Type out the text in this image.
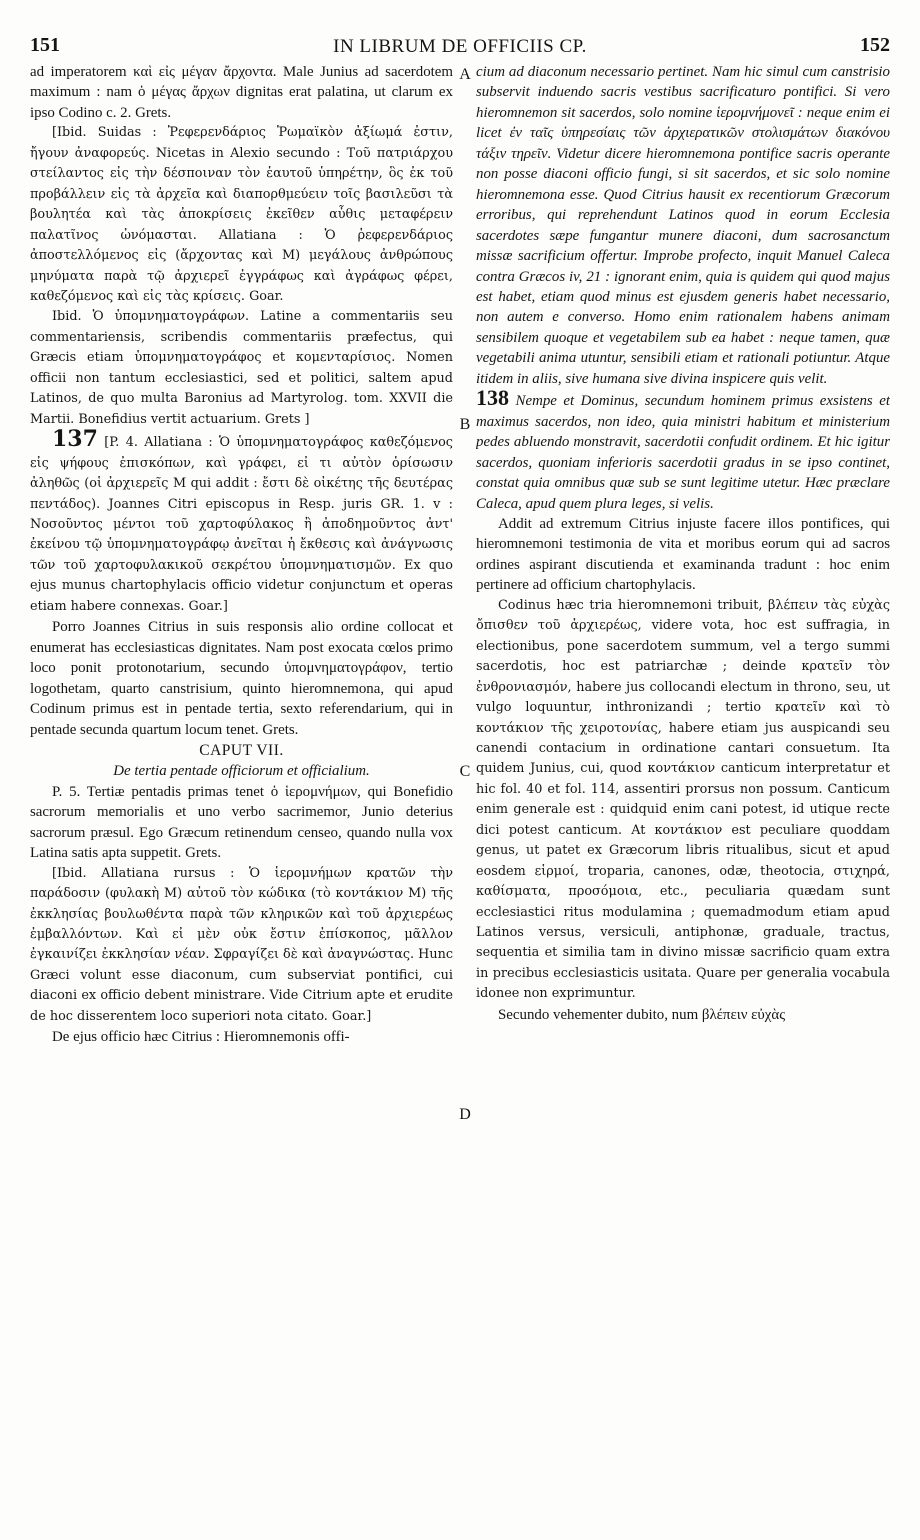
151	IN LIBRUM DE OFFICIIS CP.	152
A
B
C
D

ad imperatorem καὶ εἰς μέγαν ἄρχοντα. Male Junius ad sacerdotem maximum : nam ὁ μέγας ἄρχων dignitas erat palatina, ut clarum ex ipso Codino c. 2. Grets.

[Ibid. Suidas : Ῥεφερενδάριος Ῥωμαϊκὸν ἀξίωμά ἐστιν, ἤγουν ἀναφορεύς. Nicetas in Alexio secundo : Τοῦ πατριάρχου στείλαντος εἰς τὴν δέσποιναν τὸν ἑαυτοῦ ὑπηρέτην, ὃς ἐκ τοῦ προβάλλειν εἰς τὰ ἀρχεῖα καὶ διαπορθμεύειν τοῖς βασιλεῦσι τὰ βουλητέα καὶ τὰς ἀποκρίσεις ἐκεῖθεν αὖθις μεταφέρειν παλατῖνος ὠνόμασται. Allatiana : Ὁ ῥεφερενδάριος ἀποστελλόμενος εἰς (ἄρχοντας καὶ M) μεγάλους ἀνθρώπους μηνύματα παρὰ τῷ ἀρχιερεῖ ἐγγράφως καὶ ἀγράφως φέρει, καθεζόμενος καὶ εἰς τὰς κρίσεις. Goar.

Ibid. Ὁ ὑπομνηματογράφων. Latine a commentariis seu commentariensis, scribendis commentariis præfectus, qui Græcis etiam ὑπομνηματογράφος et κομενταρίσιος. Nomen officii non tantum ecclesiastici, sed et politici, saltem apud Latinos, de quo multa Baronius ad Martyrolog. tom. XXVII die Martii. Bonefidius vertit actuarium. Grets ]

137 [P. 4. Allatiana : Ὁ ὑπομνηματογράφος καθεζόμενος εἰς ψήφους ἐπισκόπων, καὶ γράφει, εἰ τι αὐτὸν ὁρίσωσιν ἀληθῶς (οἱ ἀρχιερεῖς M qui addit : ἔστι δὲ οἰκέτης τῆς δευτέρας πεντάδος). Joannes Citri episcopus in Resp. juris GR. 1. v : Νοσοῦντος μέντοι τοῦ χαρτοφύλακος ἢ ἀποδημοῦντος ἀντ' ἐκείνου τῷ ὑπομνηματογράφῳ ἀνεῖται ἡ ἔκθεσις καὶ ἀνάγνωσις τῶν τοῦ χαρτοφυλακικοῦ σεκρέτου ὑπομνηματισμῶν. Ex quo ejus munus chartophylacis officio videtur conjunctum et operas etiam habere connexas. Goar.]

Porro Joannes Citrius in suis responsis alio ordine collocat et enumerat has ecclesiasticas dignitates. Nam post exocata cœlos primo loco ponit protonotarium, secundo ὑπομνηματογράφον, tertio logothetam, quarto canstrisium, quinto hieromnemona, qui apud Codinum primus est in pentade tertia, sexto referendarium, qui in pentade secunda quartum locum tenet. Grets.

CAPUT VII.

De tertia pentade officiorum et officialium.

P. 5. Tertiæ pentadis primas tenet ὁ ἱερομνήμων, qui Bonefidio sacrorum memorialis et uno verbo sacrimemor, Junio deterius sacrorum præsul. Ego Græcum retinendum censeo, quando nulla vox Latina satis apta suppetit. Grets.

[Ibid. Allatiana rursus : Ὁ ἱερομνήμων κρατῶν τὴν παράδοσιν (φυλακὴ M) αὐτοῦ τὸν κώδικα (τὸ κοντάκιον M) τῆς ἐκκλησίας βουλωθέντα παρὰ τῶν κληρικῶν καὶ τοῦ ἀρχιερέως ἐμβαλλόντων. Καὶ εἰ μὲν οὐκ ἔστιν ἐπίσκοπος, μᾶλλον ἐγκαινίζει ἐκκλησίαν νέαν. Σφραγίζει δὲ καὶ ἀναγνώστας. Hunc Græci volunt esse diaconum, cum subserviat pontifici, cui diaconi ex officio debent ministrare. Vide Citrium apte et erudite de hoc disserentem loco superiori nota citato. Goar.]

De ejus officio hæc Citrius : Hieromnemonis offi-

cium ad diaconum necessario pertinet. Nam hic simul cum canstrisio subservit induendo sacris vestibus sacrificaturo pontifici. Si vero hieromnemon sit sacerdos, solo nomine ἱερομνήμονεῖ : neque enim ei licet ἐν ταῖς ὑπηρεσίαις τῶν ἀρχιερατικῶν στολισμάτων διακόνου τάξιν τηρεῖν. Videtur dicere hieromnemona pontifice sacris operante non posse diaconi officio fungi, si sit sacerdos, et sic solo nomine hieromnemona esse. Quod Citrius hausit ex recentiorum Græcorum erroribus, qui reprehendunt Latinos quod in eorum Ecclesia sacerdotes sæpe fungantur munere diaconi, dum sacrosanctum missæ sacrificium offertur. Improbe profecto, inquit Manuel Caleca contra Græcos iv, 21 : ignorant enim, quia is quidem qui quod majus est habet, etiam quod minus est ejusdem generis habet necessario, non autem e converso. Homo enim rationalem habens animam sensibilem quoque et vegetabilem sub ea habet : neque tamen, quæ vegetabili anima utuntur, sensibili etiam et rationali potiuntur. Atque itidem in aliis, sive humana sive divina inspicere quis velit.

138 Nempe et Dominus, secundum hominem primus exsistens et maximus sacerdos, non ideo, quia ministri habitum et ministerium pedes abluendo monstravit, sacerdotii confudit ordinem. Et hic igitur sacerdos, quoniam inferioris sacerdotii gradus in se ipso continet, constat quia omnibus quæ sub se sunt legitime utetur. Hæc præclare Caleca, apud quem plura leges, si velis.

Addit ad extremum Citrius injuste facere illos pontifices, qui hieromnemoni testimonia de vita et moribus eorum qui ad sacros ordines aspirant discutienda et examinanda tradunt : hoc enim pertinere ad officium chartophylacis.

Codinus hæc tria hieromnemoni tribuit, βλέπειν τὰς εὐχὰς ὄπισθεν τοῦ ἀρχιερέως, videre vota, hoc est suffragia, in electionibus, pone sacerdotem summum, vel a tergo summi sacerdotis, hoc est patriarchæ ; deinde κρατεῖν τὸν ἐνθρονιασμόν, habere jus collocandi electum in throno, seu, ut vulgo loquuntur, inthronizandi ; tertio κρατεῖν καὶ τὸ κοντάκιον τῆς χειροτονίας, habere etiam jus auspicandi seu canendi contacium in ordinatione cantari consuetum. Ita quidem Junius, cui, quod κοντάκιον canticum interpretatur et hic fol. 40 et fol. 114, assentiri prorsus non possum. Canticum enim generale est : quidquid enim cani potest, id utique recte dici potest canticum. At κοντάκιον est peculiare quoddam genus, ut patet ex Græcorum libris ritualibus, sicut et apud eosdem εἱρμοί, troparia, canones, odæ, theotocia, στιχηρά, καθίσματα, προσόμοια, etc., peculiaria quædam sunt ecclesiastici ritus modulamina ; quemadmodum etiam apud Latinos versus, versiculi, antiphonæ, graduale, tractus, sequentia et similia tam in divino missæ sacrificio quam extra in precibus ecclesiasticis usitata. Quare per generalia vocabula idonee non exprimuntur.

Secundo vehementer dubito, num βλέπειν εὐχὰς
